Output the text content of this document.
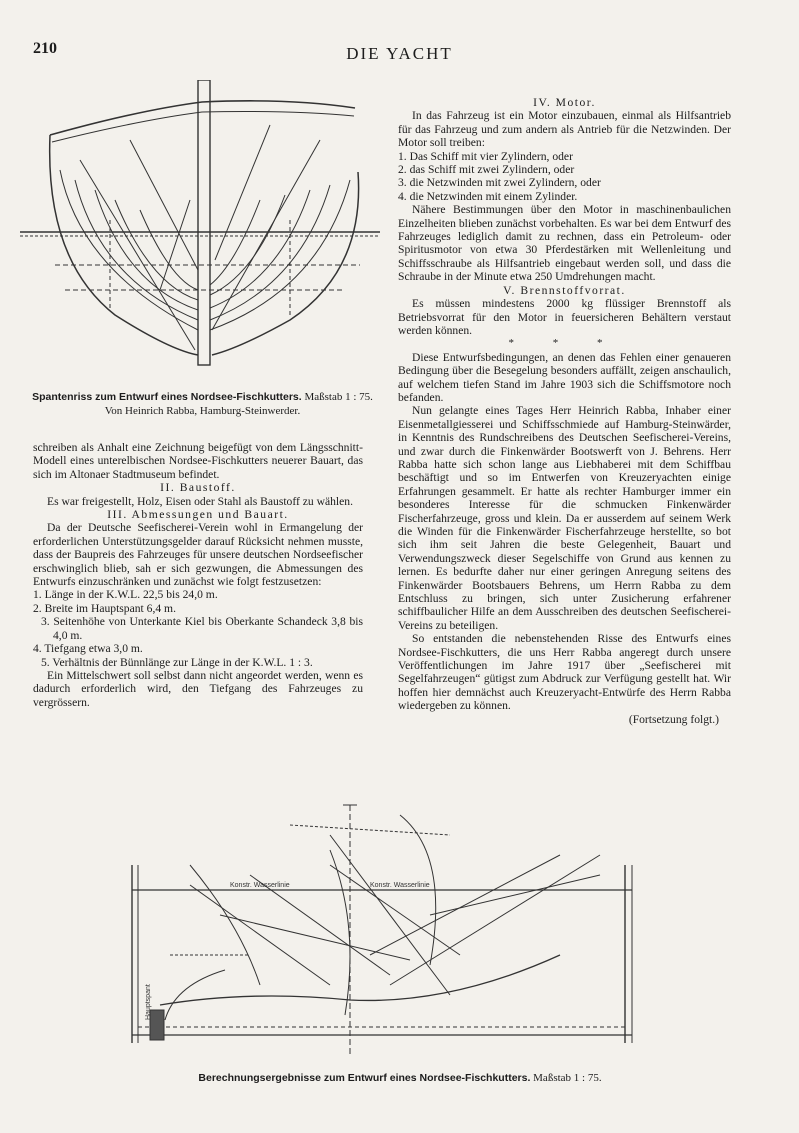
210	DIE YACHT
Spantenriss zum Entwurf eines Nordsee-Fischkutters. Maßstab 1 : 75.
Von Heinrich Rabba, Hamburg-Steinwerder.

schreiben als Anhalt eine Zeichnung beigefügt von dem Längsschnitt-Modell eines unterelbischen Nordsee-Fischkutters neuerer Bauart, das sich im Altonaer Stadtmuseum befindet.

II. Baustoff.

Es war freigestellt, Holz, Eisen oder Stahl als Baustoff zu wählen.

III. Abmessungen und Bauart.

Da der Deutsche Seefischerei-Verein wohl in Ermangelung der erforderlichen Unterstützungsgelder darauf Rücksicht nehmen musste, dass der Baupreis des Fahrzeuges für unsere deutschen Nordseefischer erschwinglich blieb, sah er sich gezwungen, die Abmessungen des Entwurfs einzuschränken und zunächst wie folgt festzusetzen:

1. Länge in der K.W.L. 22,5 bis 24,0 m.

2. Breite im Hauptspant 6,4 m.

3. Seitenhöhe von Unterkante Kiel bis Oberkante Schandeck 3,8 bis 4,0 m.

4. Tiefgang etwa 3,0 m.

5. Verhältnis der Bünnlänge zur Länge in der K.W.L. 1 : 3.

Ein Mittelschwert soll selbst dann nicht angeordet werden, wenn es dadurch erforderlich wird, den Tiefgang des Fahrzeuges zu vergrössern.

IV. Motor.

In das Fahrzeug ist ein Motor einzubauen, einmal als Hilfsantrieb für das Fahrzeug und zum andern als Antrieb für die Netzwinden. Der Motor soll treiben:

1. Das Schiff mit vier Zylindern, oder

2. das Schiff mit zwei Zylindern, oder

3. die Netzwinden mit zwei Zylindern, oder

4. die Netzwinden mit einem Zylinder.

Nähere Bestimmungen über den Motor in maschinenbaulichen Einzelheiten blieben zunächst vorbehalten. Es war bei dem Entwurf des Fahrzeuges lediglich damit zu rechnen, dass ein Petroleum- oder Spiritusmotor von etwa 30 Pferdestärken mit Wellenleitung und Schiffsschraube als Hilfsantrieb eingebaut werden soll, und dass die Schraube in der Minute etwa 250 Umdrehungen macht.

V. Brennstoffvorrat.

Es müssen mindestens 2000 kg flüssiger Brennstoff als Betriebsvorrat für den Motor in feuersicheren Behältern verstaut werden können.

* * *

Diese Entwurfsbedingungen, an denen das Fehlen einer genaueren Bedingung über die Besegelung besonders auffällt, zeigen anschaulich, auf welchem tiefen Stand im Jahre 1903 sich die Schiffsmotore noch befanden.

Nun gelangte eines Tages Herr Heinrich Rabba, Inhaber einer Eisenmetallgiesserei und Schiffsschmiede auf Hamburg-Steinwärder, in Kenntnis des Rundschreibens des Deutschen Seefischerei-Vereins, und zwar durch die Finkenwärder Bootswerft von J. Behrens. Herr Rabba hatte sich schon lange aus Liebhaberei mit dem Schiffbau beschäftigt und so im Entwerfen von Kreuzeryachten einige Erfahrungen gesammelt. Er hatte als rechter Hamburger immer ein besonderes Interesse für die schmucken Finkenwärder Fischerfahrzeuge, gross und klein. Da er ausserdem auf seinem Werk die Winden für die Finkenwärder Fischerfahrzeuge herstellte, so bot sich ihm seit Jahren die beste Gelegenheit, Bauart und Verwendungszweck dieser Segelschiffe von Grund aus kennen zu lernen. Es bedurfte daher nur einer geringen Anregung seitens des Finkenwärder Bootsbauers Behrens, um Herrn Rabba zu dem Entschluss zu bringen, sich unter Zusicherung erfahrener schiffbaulicher Hilfe an dem Ausschreiben des deutschen Seefischerei-Vereins zu beteiligen.

So entstanden die nebenstehenden Risse des Entwurfs eines Nordsee-Fischkutters, die uns Herr Rabba angeregt durch unsere Veröffentlichungen im Jahre 1917 über „Seefischerei mit Segelfahrzeugen“ gütigst zum Abdruck zur Verfügung gestellt hat. Wir hoffen hier demnächst auch Kreuzeryacht-Entwürfe des Herrn Rabba wiedergeben zu können.

(Fortsetzung folgt.)

Konstr. Wasserlinie	Konstr. Wasserlinie
Hauptspant
Berechnungsergebnisse zum Entwurf eines Nordsee-Fischkutters. Maßstab 1 : 75.
